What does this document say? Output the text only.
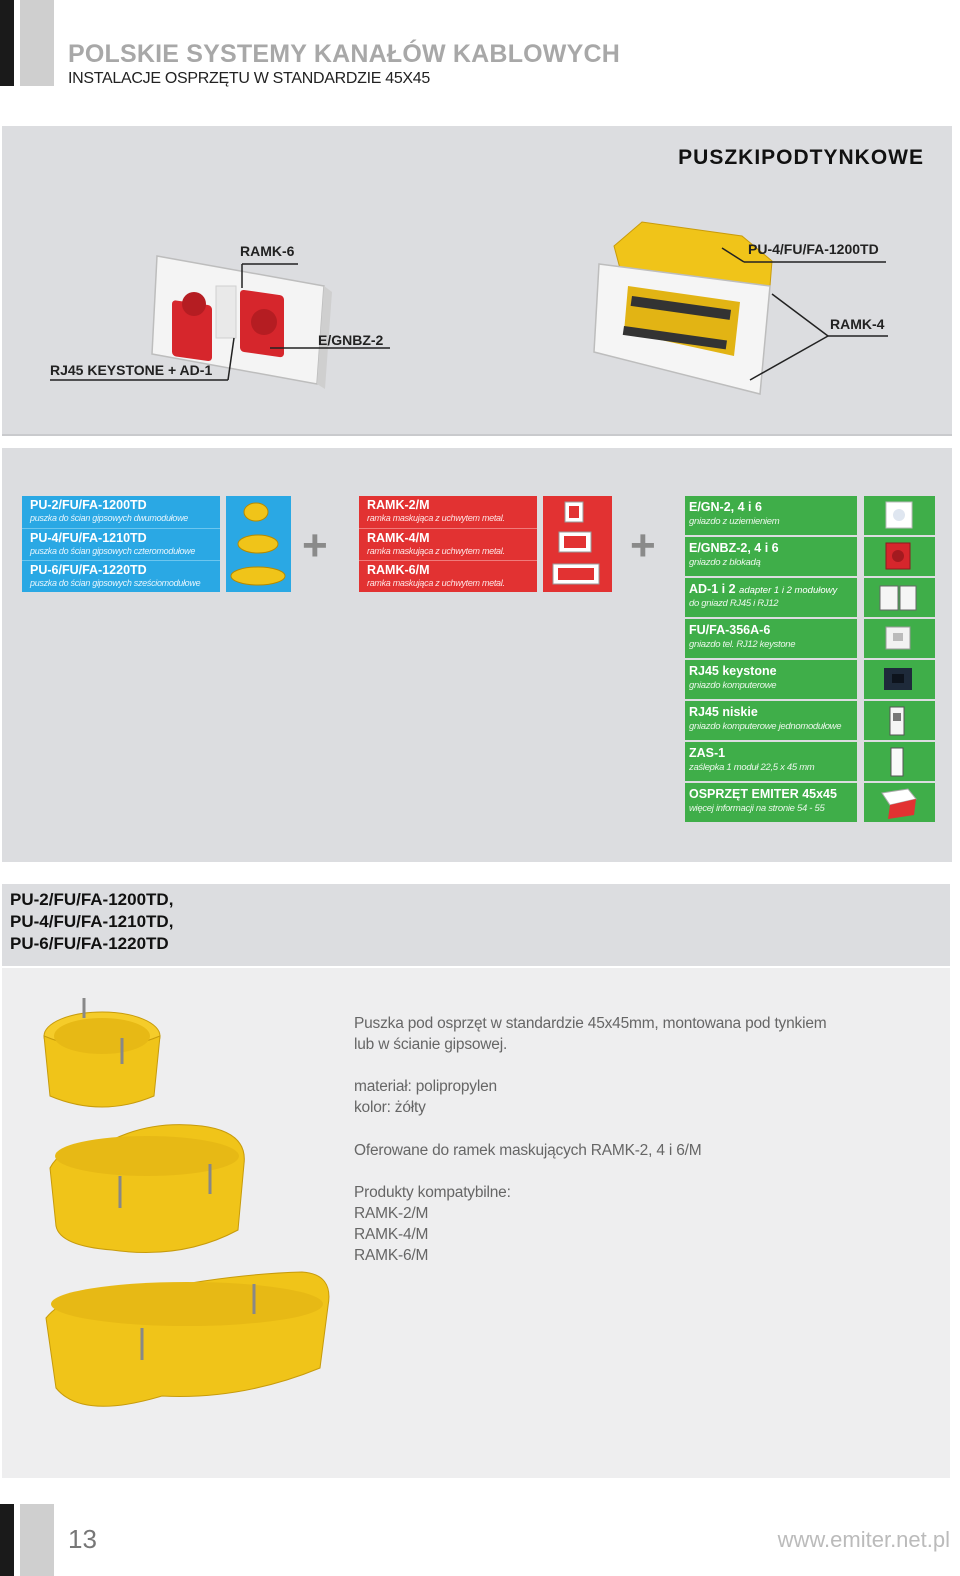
POLSKIE SYSTEMY KANAŁÓW KABLOWYCH
INSTALACJE OSPRZĘTU W STANDARDZIE 45X45
PUSZKIPODTYNKOWE
RAMK-6
E/GNBZ-2
RJ45 KEYSTONE + AD-1
PU-4/FU/FA-1200TD
RAMK-4
PU-2/FU/FA-1200TD
puszka do ścian gipsowych dwumodułowe
PU-4/FU/FA-1210TD
puszka do ścian gipsowych czteromodułowe
PU-6/FU/FA-1220TD
puszka do ścian gipsowych sześciomodułowe
+
RAMK-2/M
ramka maskująca z uchwytem metal.
RAMK-4/M
ramka maskująca z uchwytem metal.
RAMK-6/M
ramka maskująca z uchwytem metal.
+
E/GN-2, 4 i 6
gniazdo z uziemieniem
E/GNBZ-2, 4 i 6
gniazdo z blokadą
AD-1 i 2 adapter 1 i 2 modułowy
do gniazd RJ45 i RJ12
FU/FA-356A-6
gniazdo tel. RJ12 keystone
RJ45 keystone
gniazdo komputerowe
RJ45 niskie
gniazdo komputerowe jednomodułowe
ZAS-1
zaślepka 1 moduł 22,5 x 45 mm
OSPRZĘT EMITER 45x45
więcej informacji na stronie 54 - 55
PU-2/FU/FA-1200TD,
PU-4/FU/FA-1210TD,
PU-6/FU/FA-1220TD
Puszka pod osprzęt w standardzie 45x45mm, montowana pod tynkiem
lub w ścianie gipsowej.
materiał: polipropylen
kolor: żółty
Oferowane do ramek maskujących RAMK-2, 4 i 6/M
Produkty kompatybilne:
RAMK-2/M
RAMK-4/M
RAMK-6/M
13	www.emiter.net.pl
